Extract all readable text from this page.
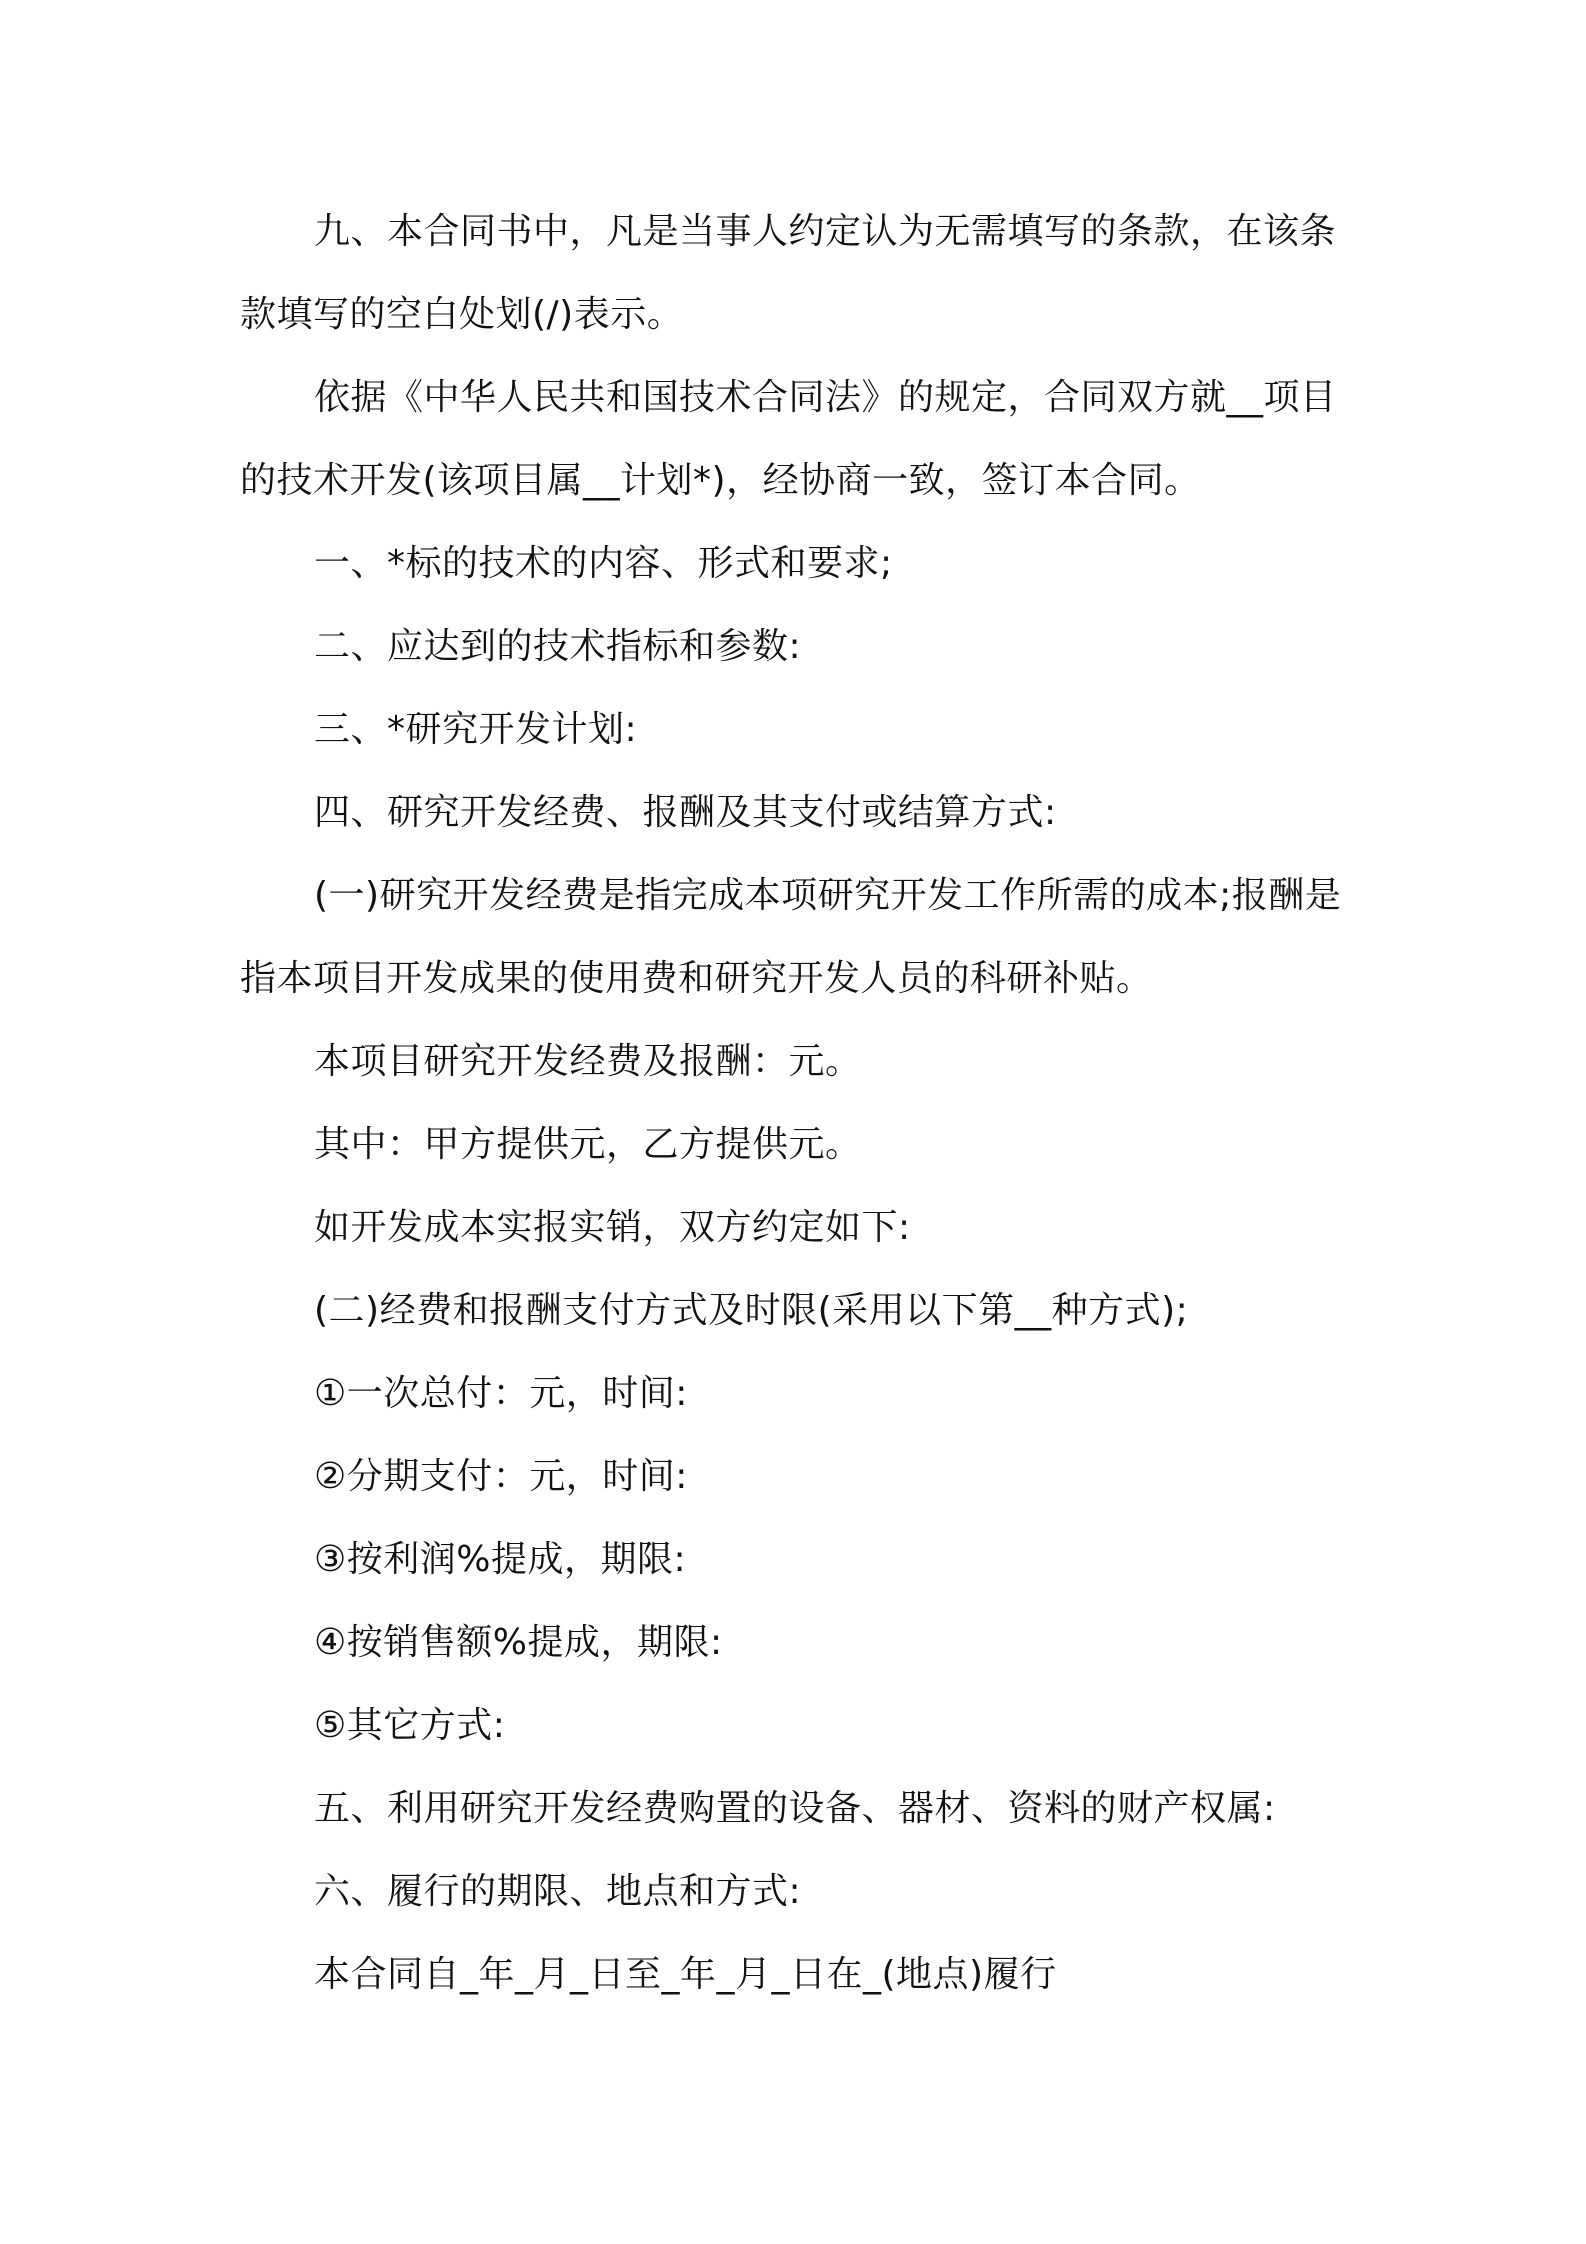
九、本合同书中，凡是当事人约定认为无需填写的条款，在该条款填写的空白处划(/)表示。

依据《中华人民共和国技术合同法》的规定，合同双方就__项目的技术开发(该项目属__计划*)，经协商一致，签订本合同。

一、*标的技术的内容、形式和要求;

二、应达到的技术指标和参数:

三、*研究开发计划:

四、研究开发经费、报酬及其支付或结算方式:

(一)研究开发经费是指完成本项研究开发工作所需的成本;报酬是指本项目开发成果的使用费和研究开发人员的科研补贴。

本项目研究开发经费及报酬：元。

其中：甲方提供元，乙方提供元。

如开发成本实报实销，双方约定如下:

(二)经费和报酬支付方式及时限(采用以下第__种方式);

①一次总付：元，时间:

②分期支付：元，时间:

③按利润%提成，期限:

④按销售额%提成，期限:

⑤其它方式:

五、利用研究开发经费购置的设备、器材、资料的财产权属:

六、履行的期限、地点和方式:

本合同自_年_月_日至_年_月_日在_(地点)履行
